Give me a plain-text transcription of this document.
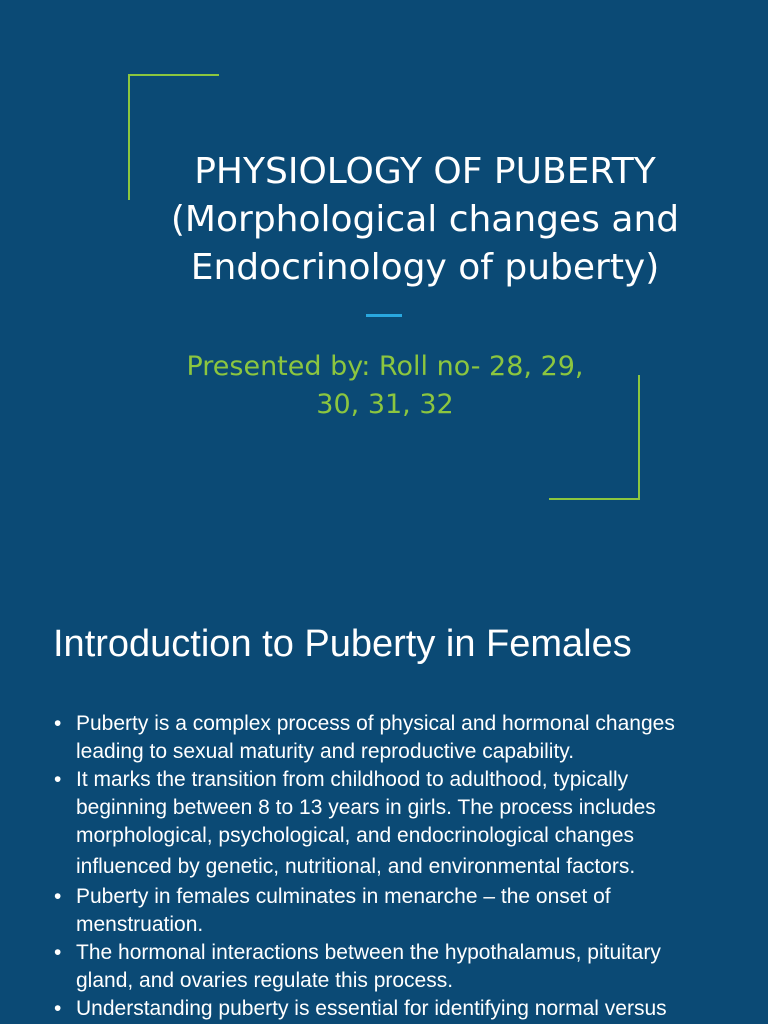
PHYSIOLOGY OF PUBERTY
(Morphological changes and
Endocrinology of puberty)
Presented by: Roll no- 28, 29,
30, 31, 32
Introduction to Puberty in Females
• Puberty is a complex process of physical and hormonal changes
leading to sexual maturity and reproductive capability.
• It marks the transition from childhood to adulthood, typically
beginning between 8 to 13 years in girls. The process includes
morphological, psychological, and endocrinological changes
influenced by genetic, nutritional, and environmental factors.
• Puberty in females culminates in menarche – the onset of
menstruation.
• The hormonal interactions between the hypothalamus, pituitary
gland, and ovaries regulate this process.
• Understanding puberty is essential for identifying normal versus
